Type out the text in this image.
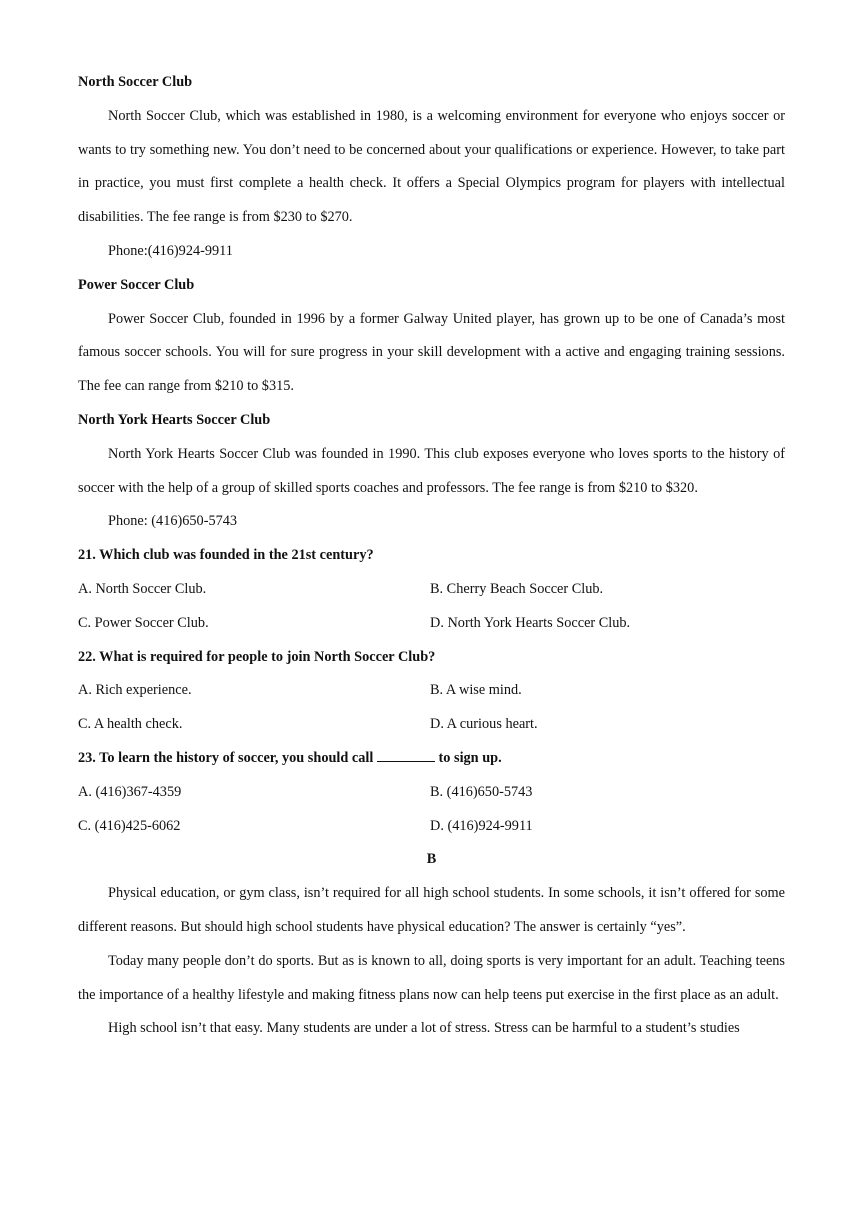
North Soccer Club

North Soccer Club, which was established in 1980, is a welcoming environment for everyone who enjoys soccer or wants to try something new. You don’t need to be concerned about your qualifications or experience. However, to take part in practice, you must first complete a health check. It offers a Special Olympics program for players with intellectual disabilities. The fee range is from $230 to $270.

Phone:(416)924-9911
Power Soccer Club

Power Soccer Club, founded in 1996 by a former Galway United player, has grown up to be one of Canada’s most famous soccer schools. You will for sure progress in your skill development with a active and engaging training sessions. The fee can range from $210 to $315.

North York Hearts Soccer Club

North York Hearts Soccer Club was founded in 1990. This club exposes everyone who loves sports to the history of soccer with the help of a group of skilled sports coaches and professors. The fee range is from $210 to $320.

Phone: (416)650-5743
21. Which club was founded in the 21st century?
A. North Soccer Club.	B. Cherry Beach Soccer Club.
C. Power Soccer Club.	D. North York Hearts Soccer Club.
22. What is required for people to join North Soccer Club?
A. Rich experience.	B. A wise mind.
C. A health check.	D. A curious heart.
23. To learn the history of soccer, you should call	to sign up.
A. (416)367-4359	B. (416)650-5743
C. (416)425-6062	D. (416)924-9911
B

Physical education, or gym class, isn’t required for all high school students. In some schools, it isn’t offered for some different reasons. But should high school students have physical education? The answer is certainly “yes”.

Today many people don’t do sports. But as is known to all, doing sports is very important for an adult. Teaching teens the importance of a healthy lifestyle and making fitness plans now can help teens put exercise in the first place as an adult.

High school isn’t that easy. Many students are under a lot of stress. Stress can be harmful to a student’s studies
